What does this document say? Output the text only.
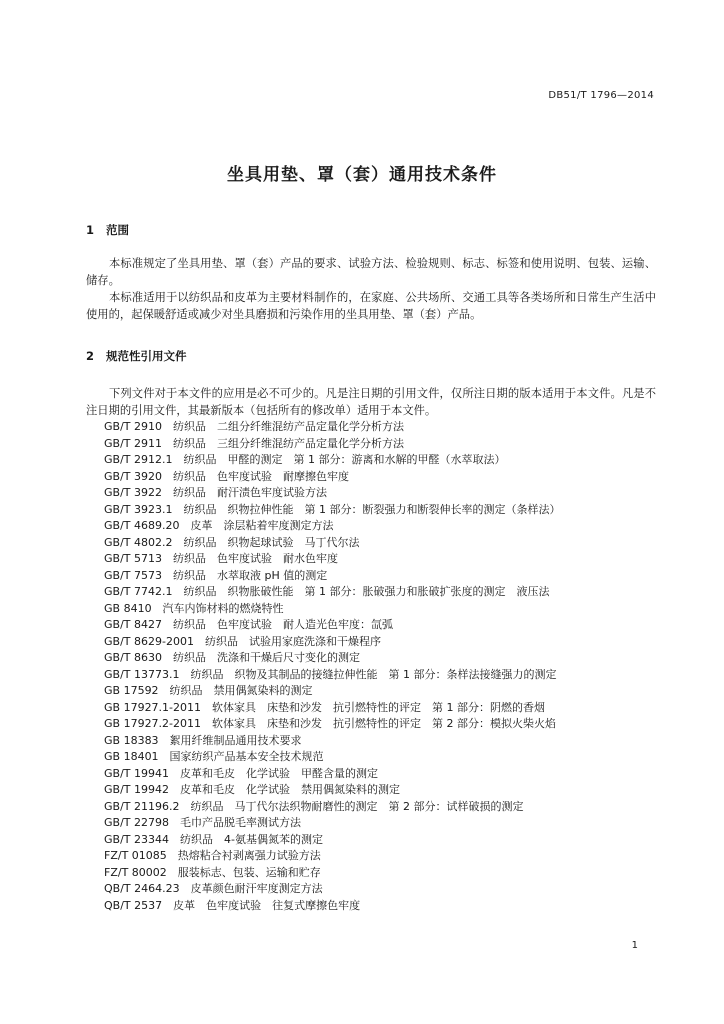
DB51/T 1796—2014
坐具用垫、罩（套）通用技术条件
1 范围

本标准规定了坐具用垫、罩（套）产品的要求、试验方法、检验规则、标志、标签和使用说明、包装、运输、储存。

本标准适用于以纺织品和皮革为主要材料制作的，在家庭、公共场所、交通工具等各类场所和日常生产生活中使用的，起保暖舒适或减少对坐具磨损和污染作用的坐具用垫、罩（套）产品。

2 规范性引用文件

下列文件对于本文件的应用是必不可少的。凡是注日期的引用文件，仅所注日期的版本适用于本文件。凡是不注日期的引用文件，其最新版本（包括所有的修改单）适用于本文件。

GB/T 2910　纺织品　二组分纤维混纺产品定量化学分析方法
GB/T 2911　纺织品　三组分纤维混纺产品定量化学分析方法
GB/T 2912.1　纺织品　甲醛的测定　第 1 部分：游离和水解的甲醛（水萃取法）
GB/T 3920　纺织品　色牢度试验　耐摩擦色牢度
GB/T 3922　纺织品　耐汗渍色牢度试验方法
GB/T 3923.1　纺织品　织物拉伸性能　第 1 部分：断裂强力和断裂伸长率的测定（条样法）
GB/T 4689.20　皮革　涂层粘着牢度测定方法
GB/T 4802.2　纺织品　织物起球试验　马丁代尔法
GB/T 5713　纺织品　色牢度试验　耐水色牢度
GB/T 7573　纺织品　水萃取液 pH 值的测定
GB/T 7742.1　纺织品　织物胀破性能　第 1 部分：胀破强力和胀破扩张度的测定　液压法
GB 8410　汽车内饰材料的燃烧特性
GB/T 8427　纺织品　色牢度试验　耐人造光色牢度：氙弧
GB/T 8629-2001　纺织品　试验用家庭洗涤和干燥程序
GB/T 8630　纺织品　洗涤和干燥后尺寸变化的测定
GB/T 13773.1　纺织品　织物及其制品的接缝拉伸性能　第 1 部分：条样法接缝强力的测定
GB 17592　纺织品　禁用偶氮染料的测定
GB 17927.1-2011　软体家具　床垫和沙发　抗引燃特性的评定　第 1 部分：阴燃的香烟
GB 17927.2-2011　软体家具　床垫和沙发　抗引燃特性的评定　第 2 部分：模拟火柴火焰
GB 18383　絮用纤维制品通用技术要求
GB 18401　国家纺织产品基本安全技术规范
GB/T 19941　皮革和毛皮　化学试验　甲醛含量的测定
GB/T 19942　皮革和毛皮　化学试验　禁用偶氮染料的测定
GB/T 21196.2　纺织品　马丁代尔法织物耐磨性的测定　第 2 部分：试样破损的测定
GB/T 22798　毛巾产品脱毛率测试方法
GB/T 23344　纺织品　4-氨基偶氮苯的测定
FZ/T 01085　热熔粘合衬剥离强力试验方法
FZ/T 80002　服装标志、包装、运输和贮存
QB/T 2464.23　皮革颜色耐汗牢度测定方法
QB/T 2537　皮革　色牢度试验　往复式摩擦色牢度
1
